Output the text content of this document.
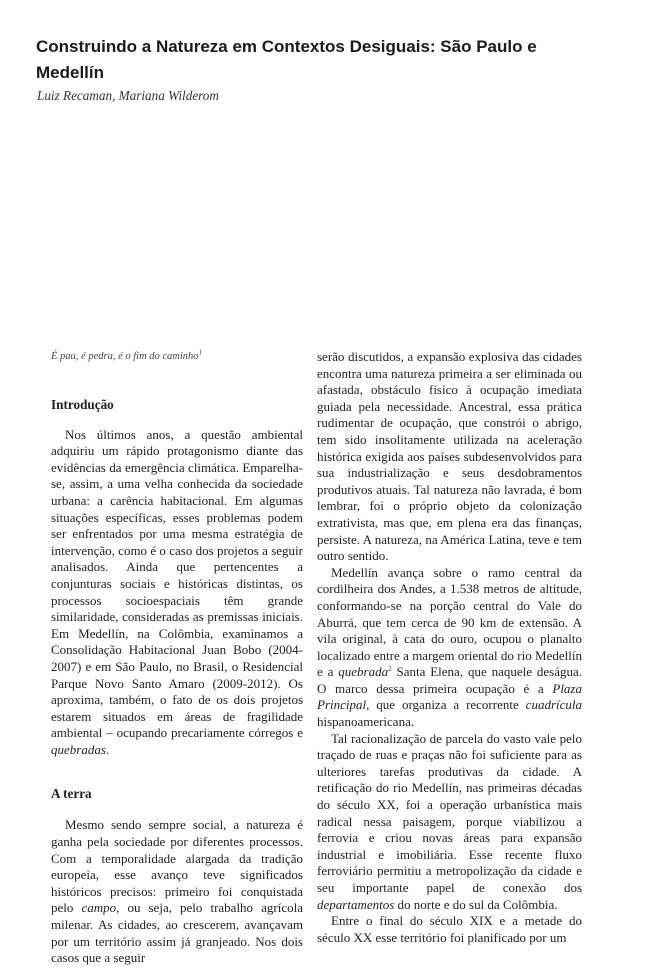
Construindo a Natureza em Contextos Desiguais: São Paulo e Medellín
Luiz Recaman, Mariana Wilderom

É pau, é pedra, é o fim do caminho$^1$

Introdução

Nos últimos anos, a questão ambiental adquiriu um rápido protagonismo diante das evidências da emergência climática. Emparelha-se, assim, a uma velha conhecida da sociedade urbana: a carência habitacional. Em algumas situações específicas, esses problemas podem ser enfrentados por uma mesma estratégia de intervenção, como é o caso dos projetos a seguir analisados. Ainda que pertencentes a conjunturas sociais e históricas distintas, os processos socioespaciais têm grande similaridade, consideradas as premissas iniciais. Em Medellín, na Colômbia, examinamos a Consolidação Habitacional Juan Bobo (2004-2007) e em São Paulo, no Brasil, o Residencial Parque Novo Santo Amaro (2009-2012). Os aproxima, também, o fato de os dois projetos estarem situados em áreas de fragilidade ambiental – ocupando precariamente córregos e quebradas.

A terra

Mesmo sendo sempre social, a natureza é ganha pela sociedade por diferentes processos. Com a temporalidade alargada da tradição europeia, esse avanço teve significados históricos precisos: primeiro foi conquistada pelo campo, ou seja, pelo trabalho agrícola milenar. As cidades, ao crescerem, avançavam por um território assim já granjeado. Nos dois casos que a seguir

serão discutidos, a expansão explosiva das cidades encontra uma natureza primeira a ser eliminada ou afastada, obstáculo físico à ocupação imediata guiada pela necessidade. Ancestral, essa prática rudimentar de ocupação, que constrói o abrigo, tem sido insolitamente utilizada na aceleração histórica exigida aos países subdesenvolvidos para sua industrialização e seus desdobramentos produtivos atuais. Tal natureza não lavrada, é bom lembrar, foi o próprio objeto da colonização extrativista, mas que, em plena era das finanças, persiste. A natureza, na América Latina, teve e tem outro sentido.

Medellín avança sobre o ramo central da cordilheira dos Andes, a 1.538 metros de altitude, conformando-se na porção central do Vale do Aburrá, que tem cerca de 90 km de extensão. A vila original, à cata do ouro, ocupou o planalto localizado entre a margem oriental do rio Medellín e a quebrada$^2$ Santa Elena, que naquele deságua. O marco dessa primeira ocupação é a Plaza Principal, que organiza a recorrente cuadrícula hispanoamericana.

Tal racionalização de parcela do vasto vale pelo traçado de ruas e praças não foi suficiente para as ulteriores tarefas produtivas da cidade. A retificação do rio Medellín, nas primeiras décadas do século XX, foi a operação urbanística mais radical nessa paisagem, porque viabilizou a ferrovia e criou novas áreas para expansão industrial e imobiliária. Esse recente fluxo ferroviário permitiu a metropolização da cidade e seu importante papel de conexão dos departamentos do norte e do sul da Colômbia.

Entre o final do século XIX e a metade do século XX esse território foi planificado por um
